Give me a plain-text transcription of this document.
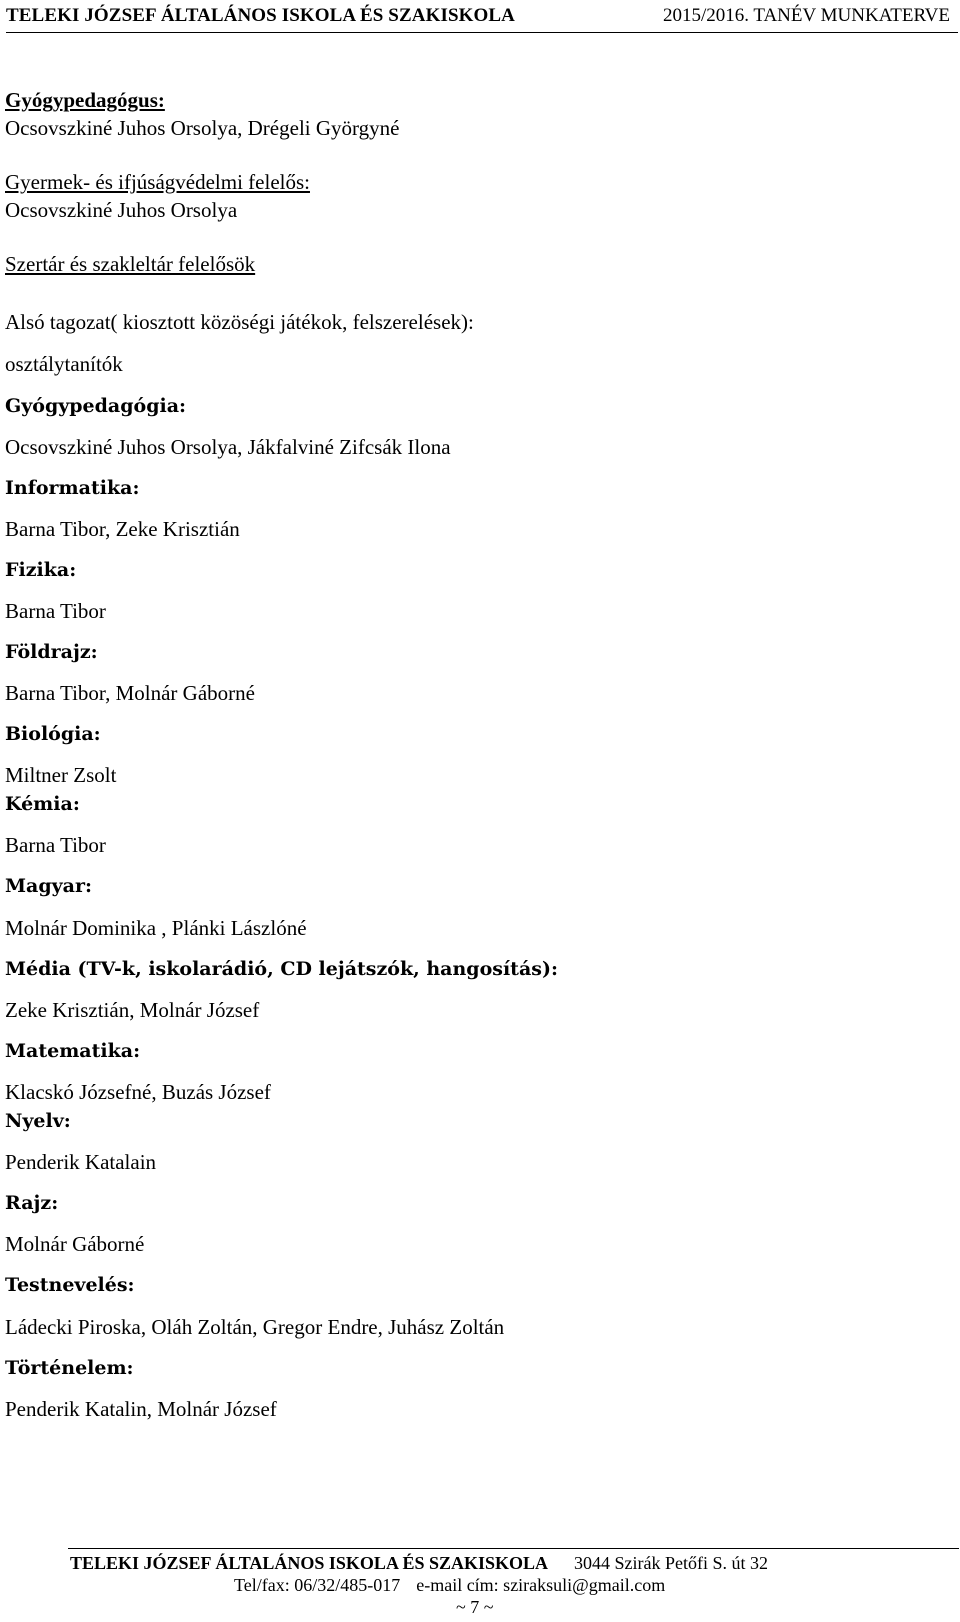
TELEKI JÓZSEF ÁLTALÁNOS ISKOLA ÉS SZAKISKOLA	2015/2016. TANÉV MUNKATERVE
Gyógypedagógus:
Ocsovszkiné Juhos Orsolya, Drégeli Györgyné
Gyermek- és ifjúságvédelmi felelős:
Ocsovszkiné Juhos Orsolya
Szertár és szakleltár felelősök
Alsó tagozat( kiosztott közöségi játékok, felszerelések):
osztálytanítók
Gyógypedagógia:
Ocsovszkiné Juhos Orsolya, Jákfalviné Zifcsák Ilona
Informatika:
Barna Tibor, Zeke Krisztián
Fizika:
Barna Tibor
Földrajz:
Barna Tibor, Molnár Gáborné
Biológia:
Miltner Zsolt
Kémia:
Barna Tibor
Magyar:
Molnár Dominika , Plánki Lászlóné
Média (TV-k, iskolarádió, CD lejátszók, hangosítás):
Zeke Krisztián, Molnár József
Matematika:
Klacskó Józsefné, Buzás József
Nyelv:
Penderik Katalain
Rajz:
Molnár Gáborné
Testnevelés:
Ládecki Piroska, Oláh Zoltán, Gregor Endre, Juhász Zoltán
Történelem:
Penderik Katalin, Molnár József
TELEKI JÓZSEF ÁLTALÁNOS ISKOLA ÉS SZAKISKOLA 3044 Szirák Petőfi S. út 32
Tel/fax: 06/32/485-017 e-mail cím: sziraksuli@gmail.com
~ 7 ~
